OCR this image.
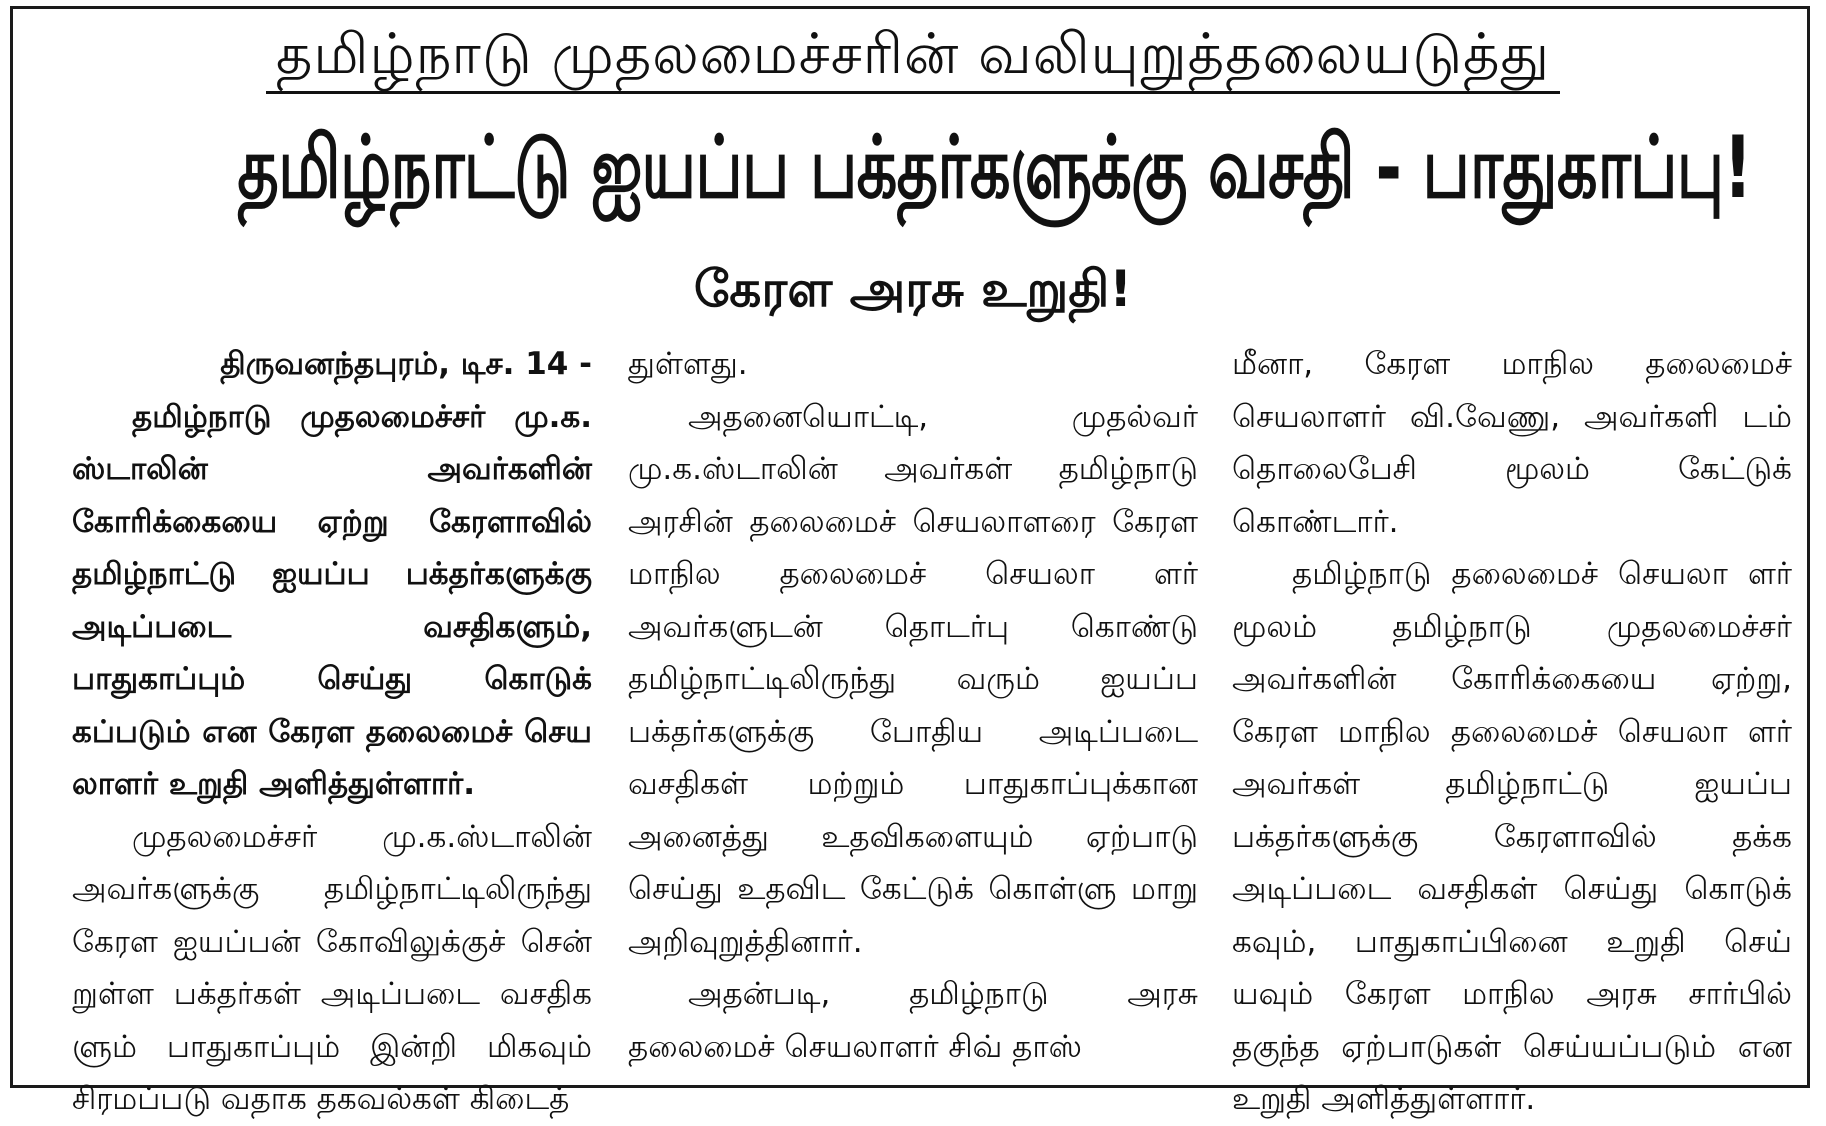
தமிழ்நாடு முதலமைச்சரின் வலியுறுத்தலையடுத்து
தமிழ்நாட்டு ஐயப்ப பக்தர்களுக்கு வசதி - பாதுகாப்பு!
கேரள அரசு உறுதி!

திருவனந்தபுரம், டிச. 14 -

தமிழ்நாடு முதலமைச்சர் மு.க. ஸ்டாலின் அவர்களின் கோரிக்கையை ஏற்று கேரளாவில் தமிழ்நாட்டு ஐயப்ப பக்தர்களுக்கு அடிப்படை வசதிகளும், பாதுகாப்பும் செய்து கொடுக் கப்படும் என கேரள தலைமைச் செய லாளர் உறுதி அளித்துள்ளார்.

முதலமைச்சர் மு.க.ஸ்டாலின் அவர்களுக்கு தமிழ்நாட்டிலிருந்து கேரள ஐயப்பன் கோவிலுக்குச் சென் றுள்ள பக்தர்கள் அடிப்படை வசதிக ளும் பாதுகாப்பும் இன்றி மிகவும் சிரமப்படு வதாக தகவல்கள் கிடைத்

துள்ளது.

அதனையொட்டி, முதல்வர் மு.க.ஸ்டாலின் அவர்கள் தமிழ்நாடு அரசின் தலைமைச் செயலாளரை கேரள மாநில தலைமைச் செயலா ளர் அவர்களுடன் தொடர்பு கொண்டு தமிழ்நாட்டிலிருந்து வரும் ஐயப்ப பக்தர்களுக்கு போதிய அடிப்படை வசதிகள் மற்றும் பாதுகாப்புக்கான அனைத்து உதவிகளையும் ஏற்பாடு செய்து உதவிட கேட்டுக் கொள்ளு மாறு அறிவுறுத்தினார்.

அதன்படி, தமிழ்நாடு அரசு தலைமைச் செயலாளர் சிவ் தாஸ்

மீனா, கேரள மாநில தலைமைச் செயலாளர் வி.வேணு, அவர்களி டம் தொலைபேசி மூலம் கேட்டுக் கொண்டார்.

தமிழ்நாடு தலைமைச் செயலா ளர் மூலம் தமிழ்நாடு முதலமைச்சர் அவர்களின் கோரிக்கையை ஏற்று, கேரள மாநில தலைமைச் செயலா ளர் அவர்கள் தமிழ்நாட்டு ஐயப்ப பக்தர்களுக்கு கேரளாவில் தக்க அடிப்படை வசதிகள் செய்து கொடுக் கவும், பாதுகாப்பினை உறுதி செய் யவும் கேரள மாநில அரசு சார்பில் தகுந்த ஏற்பாடுகள் செய்யப்படும் என உறுதி அளித்துள்ளார்.
